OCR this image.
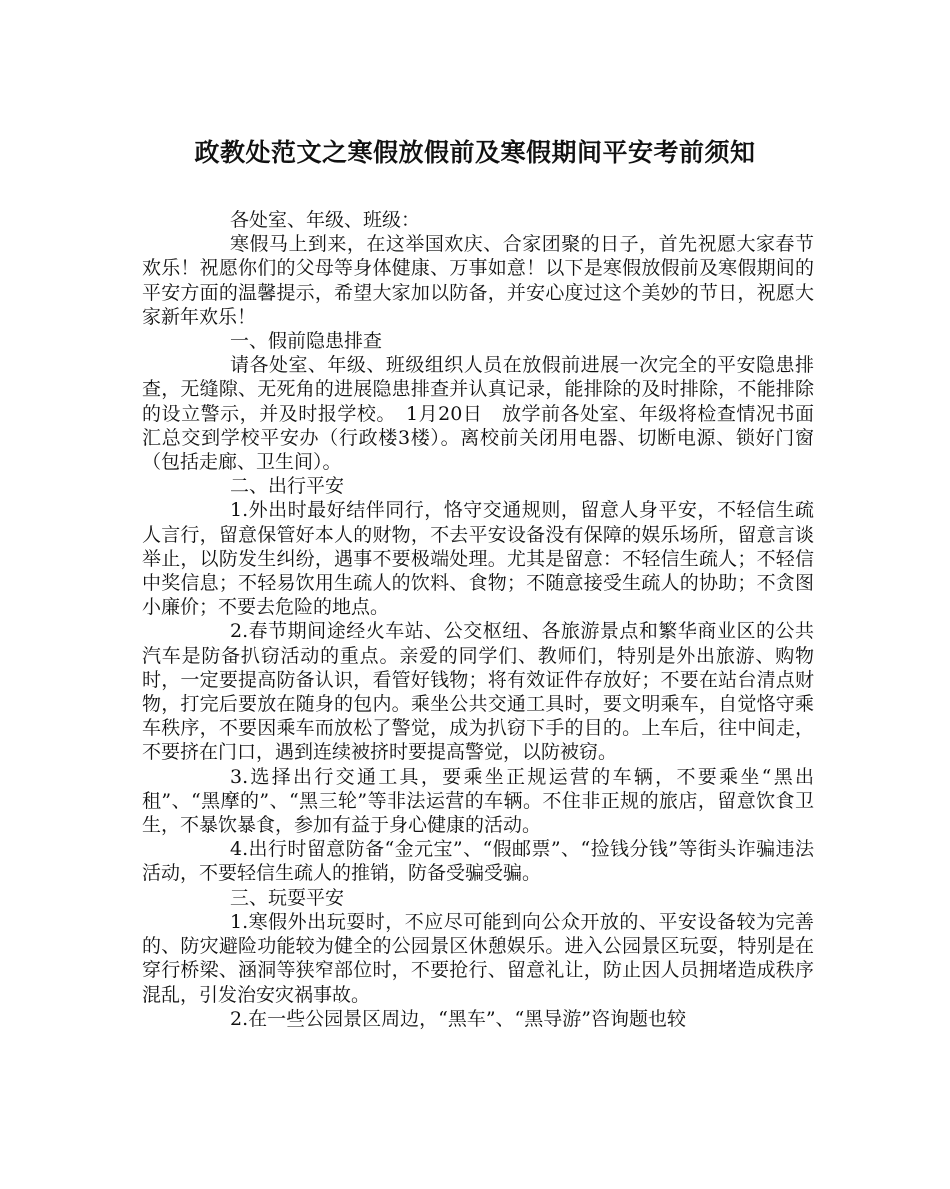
政教处范文之寒假放假前及寒假期间平安考前须知

各处室、年级、班级：

寒假马上到来，在这举国欢庆、合家团聚的日子，首先祝愿大家春节欢乐！祝愿你们的父母等身体健康、万事如意！以下是寒假放假前及寒假期间的平安方面的温馨提示，希望大家加以防备，并安心度过这个美妙的节日，祝愿大家新年欢乐！

一、假前隐患排查

请各处室、年级、班级组织人员在放假前进展一次完全的平安隐患排查，无缝隙、无死角的进展隐患排查并认真记录，能排除的及时排除，不能排除的设立警示，并及时报学校。　1月20日　放学前各处室、年级将检查情况书面汇总交到学校平安办（行政楼3楼）。离校前关闭用电器、切断电源、锁好门窗（包括走廊、卫生间）。

二、出行平安

1.外出时最好结伴同行，恪守交通规则，留意人身平安，不轻信生疏人言行，留意保管好本人的财物，不去平安设备没有保障的娱乐场所，留意言谈举止，以防发生纠纷，遇事不要极端处理。尤其是留意：不轻信生疏人；不轻信中奖信息；不轻易饮用生疏人的饮料、食物；不随意接受生疏人的协助；不贪图小廉价；不要去危险的地点。

2.春节期间途经火车站、公交枢纽、各旅游景点和繁华商业区的公共汽车是防备扒窃活动的重点。亲爱的同学们、教师们，特别是外出旅游、购物时，一定要提高防备认识，看管好钱物；将有效证件存放好；不要在站台清点财物，打完后要放在随身的包内。乘坐公共交通工具时，要文明乘车，自觉恪守乘车秩序，不要因乘车而放松了警觉，成为扒窃下手的目的。上车后，往中间走，不要挤在门口，遇到连续被挤时要提高警觉，以防被窃。

3.选择出行交通工具，要乘坐正规运营的车辆，不要乘坐“黑出租”、“黑摩的”、“黑三轮”等非法运营的车辆。不住非正规的旅店，留意饮食卫生，不暴饮暴食，参加有益于身心健康的活动。

4.出行时留意防备“金元宝”、“假邮票”、“捡钱分钱”等街头诈骗违法活动，不要轻信生疏人的推销，防备受骗受骗。

三、玩耍平安

1.寒假外出玩耍时，不应尽可能到向公众开放的、平安设备较为完善的、防灾避险功能较为健全的公园景区休憩娱乐。进入公园景区玩耍，特别是在穿行桥梁、涵洞等狭窄部位时，不要抢行、留意礼让，防止因人员拥堵造成秩序混乱，引发治安灾祸事故。

2.在一些公园景区周边，“黑车”、“黑导游”咨询题也较
